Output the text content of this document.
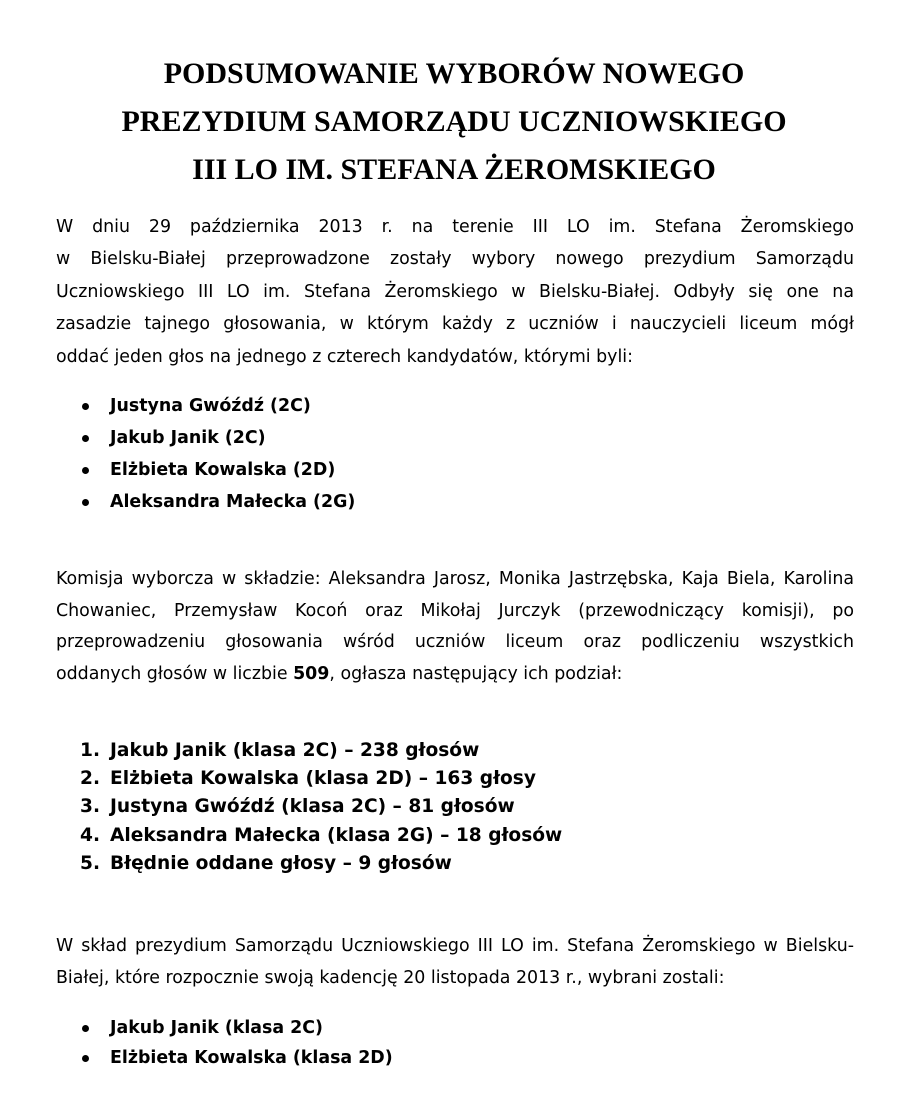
PODSUMOWANIE WYBORÓW NOWEGO
PREZYDIUM SAMORZĄDU UCZNIOWSKIEGO
III LO IM. STEFANA ŻEROMSKIEGO

W dniu 29 października 2013 r. na terenie III LO im. Stefana Żeromskiego
w Bielsku-Białej przeprowadzone zostały wybory nowego prezydium Samorządu
Uczniowskiego III LO im. Stefana Żeromskiego w Bielsku-Białej. Odbyły się one na
zasadzie tajnego głosowania, w którym każdy z uczniów i nauczycieli liceum mógł
oddać jeden głos na jednego z czterech kandydatów, którymi byli:

Justyna Gwóźdź (2C)
Jakub Janik (2C)
Elżbieta Kowalska (2D)
Aleksandra Małecka (2G)

Komisja wyborcza w składzie: Aleksandra Jarosz, Monika Jastrzębska, Kaja Biela, Karolina
Chowaniec, Przemysław Kocoń oraz Mikołaj Jurczyk (przewodniczący komisji), po
przeprowadzeniu głosowania wśród uczniów liceum oraz podliczeniu wszystkich
oddanych głosów w liczbie 509, ogłasza następujący ich podział:

1. Jakub Janik (klasa 2C) – 238 głosów
2. Elżbieta Kowalska (klasa 2D) – 163 głosy
3. Justyna Gwóźdź (klasa 2C) – 81 głosów
4. Aleksandra Małecka (klasa 2G) – 18 głosów
5. Błędnie oddane głosy – 9 głosów

W skład prezydium Samorządu Uczniowskiego III LO im. Stefana Żeromskiego w Bielsku-
Białej, które rozpocznie swoją kadencję 20 listopada 2013 r., wybrani zostali:

Jakub Janik (klasa 2C)
Elżbieta Kowalska (klasa 2D)
